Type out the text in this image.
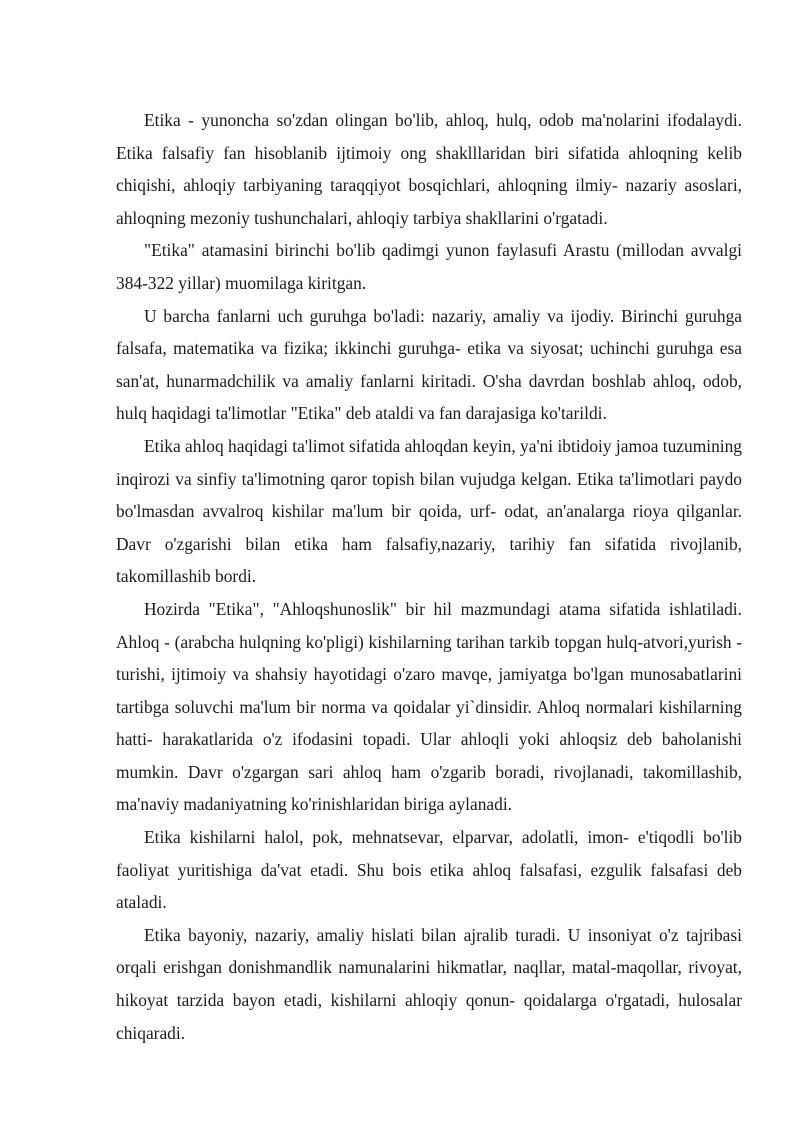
Etika - yunoncha so'zdan olingan bo'lib, ahloq, hulq, odob ma'nolarini ifodalaydi. Etika falsafiy fan hisoblanib ijtimoiy ong shaklllaridan biri sifatida ahloqning kelib chiqishi, ahloqiy tarbiyaning taraqqiyot bosqichlari, ahloqning ilmiy- nazariy asoslari, ahloqning mezoniy tushunchalari, ahloqiy tarbiya shakllarini o'rgatadi.

"Etika" atamasini birinchi bo'lib qadimgi yunon faylasufi Arastu (millodan avvalgi 384-322 yillar) muomilaga kiritgan.

U barcha fanlarni uch guruhga bo'ladi: nazariy, amaliy va ijodiy. Birinchi guruhga falsafa, matematika va fizika; ikkinchi guruhga- etika va siyosat; uchinchi guruhga esa san'at, hunarmadchilik va amaliy fanlarni kiritadi. O'sha davrdan boshlab ahloq, odob, hulq haqidagi ta'limotlar "Etika" deb ataldi va fan darajasiga ko'tarildi.

Etika ahloq haqidagi ta'limot sifatida ahloqdan keyin, ya'ni ibtidoiy jamoa tuzumining inqirozi va sinfiy ta'limotning qaror topish bilan vujudga kelgan. Etika ta'limotlari paydo bo'lmasdan avvalroq kishilar ma'lum bir qoida, urf- odat, an'analarga rioya qilganlar. Davr o'zgarishi bilan etika ham falsafiy,nazariy, tarihiy fan sifatida rivojlanib, takomillashib bordi.

Hozirda "Etika", "Ahloqshunoslik" bir hil mazmundagi atama sifatida ishlatiladi. Ahloq - (arabcha hulqning ko'pligi) kishilarning tarihan tarkib topgan hulq-atvori,yurish - turishi, ijtimoiy va shahsiy hayotidagi o'zaro mavqe, jamiyatga bo'lgan munosabatlarini tartibga soluvchi ma'lum bir norma va qoidalar yi`dinsidir. Ahloq normalari kishilarning hatti- harakatlarida o'z ifodasini topadi. Ular ahloqli yoki ahloqsiz deb baholanishi mumkin. Davr o'zgargan sari ahloq ham o'zgarib boradi, rivojlanadi, takomillashib, ma'naviy madaniyatning ko'rinishlaridan biriga aylanadi.

Etika kishilarni halol, pok, mehnatsevar, elparvar, adolatli, imon- e'tiqodli bo'lib faoliyat yuritishiga da'vat etadi. Shu bois etika ahloq falsafasi, ezgulik falsafasi deb ataladi.

Etika bayoniy, nazariy, amaliy hislati bilan ajralib turadi. U insoniyat o'z tajribasi orqali erishgan donishmandlik namunalarini hikmatlar, naqllar, matal-maqollar, rivoyat, hikoyat tarzida bayon etadi, kishilarni ahloqiy qonun- qoidalarga o'rgatadi, hulosalar chiqaradi.
